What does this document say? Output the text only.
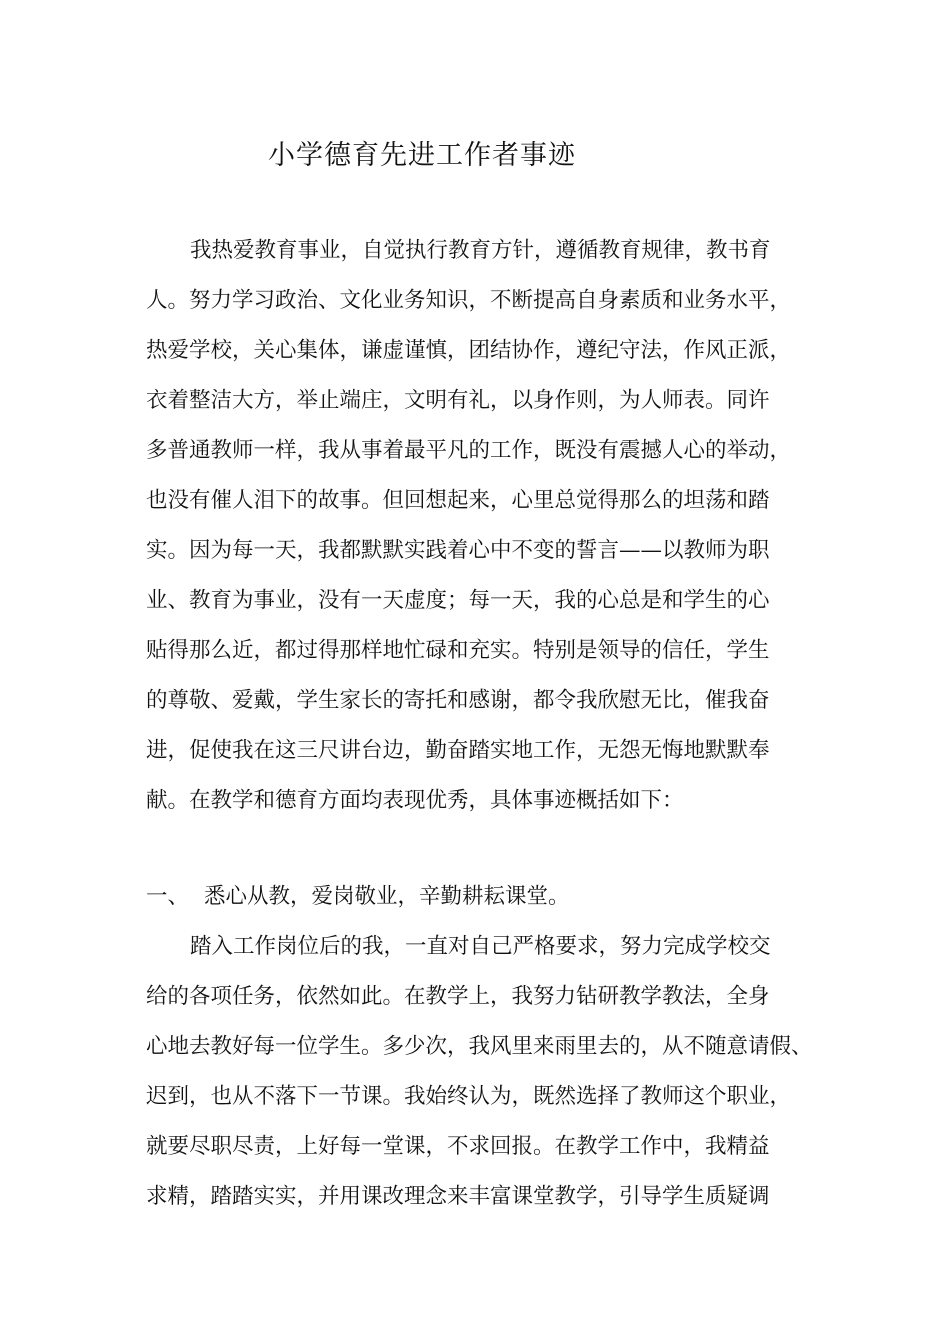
小学德育先进工作者事迹
我热爱教育事业，自觉执行教育方针，遵循教育规律，教书育
人。努力学习政治、文化业务知识，不断提高自身素质和业务水平，
热爱学校，关心集体，谦虚谨慎，团结协作，遵纪守法，作风正派，
衣着整洁大方，举止端庄，文明有礼，以身作则，为人师表。同许
多普通教师一样，我从事着最平凡的工作，既没有震撼人心的举动，
也没有催人泪下的故事。但回想起来，心里总觉得那么的坦荡和踏
实。因为每一天，我都默默实践着心中不变的誓言——以教师为职
业、教育为事业，没有一天虚度；每一天，我的心总是和学生的心
贴得那么近，都过得那样地忙碌和充实。特别是领导的信任，学生
的尊敬、爱戴，学生家长的寄托和感谢，都令我欣慰无比，催我奋
进，促使我在这三尺讲台边，勤奋踏实地工作，无怨无悔地默默奉
献。在教学和德育方面均表现优秀，具体事迹概括如下：
一、 悉心从教，爱岗敬业，辛勤耕耘课堂。
踏入工作岗位后的我，一直对自己严格要求，努力完成学校交
给的各项任务，依然如此。在教学上，我努力钻研教学教法，全身
心地去教好每一位学生。多少次，我风里来雨里去的，从不随意请假、
迟到，也从不落下一节课。我始终认为，既然选择了教师这个职业，
就要尽职尽责，上好每一堂课，不求回报。在教学工作中，我精益
求精，踏踏实实，并用课改理念来丰富课堂教学，引导学生质疑调
